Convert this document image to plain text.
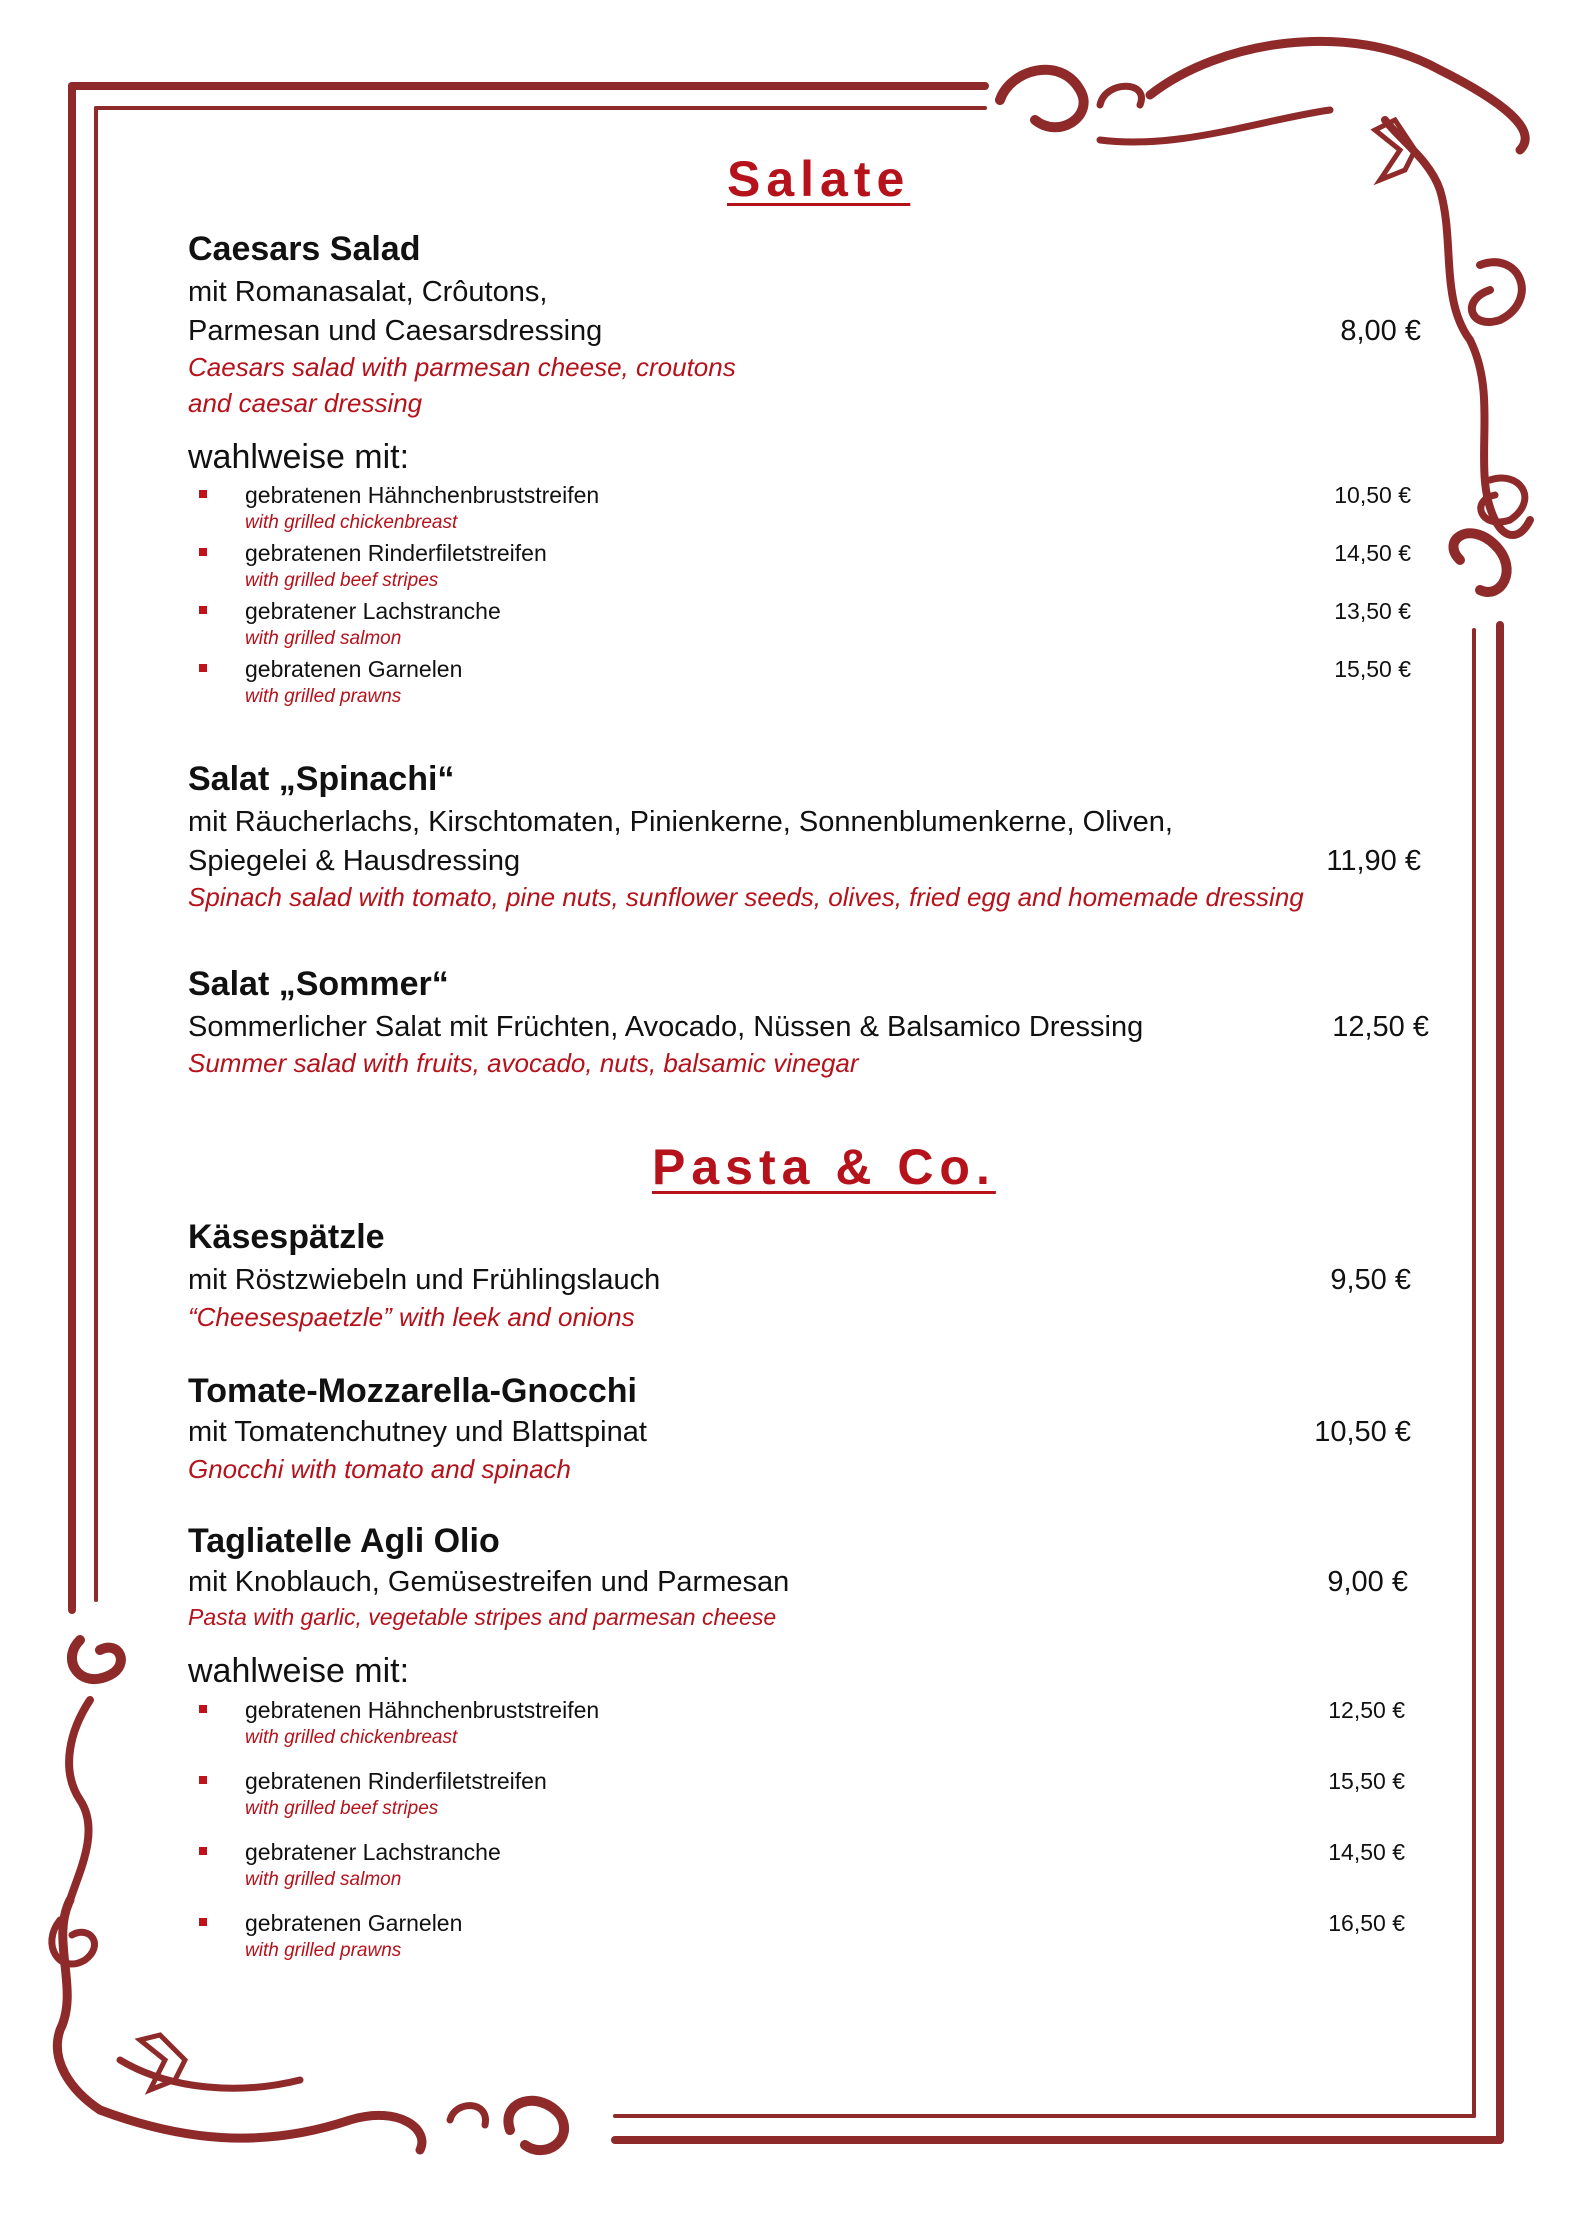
Salate
Caesars Salad
mit Romanasalat, Crôutons,
Parmesan und Caesarsdressing	8,00 €
Caesars salad with parmesan cheese, croutons
and caesar dressing
wahlweise mit:
gebratenen Hähnchenbruststreifen
with grilled chickenbreast
10,50 €
gebratenen Rinderfiletstreifen
with grilled beef stripes
14,50 €
gebratener Lachstranche
with grilled salmon
13,50 €
gebratenen Garnelen
with grilled prawns
15,50 €
Salat „Spinachi“
mit Räucherlachs, Kirschtomaten, Pinienkerne, Sonnenblumenkerne, Oliven,
Spiegelei & Hausdressing	11,90 €
Spinach salad with tomato, pine nuts, sunflower seeds, olives, fried egg and homemade dressing
Salat „Sommer“
Sommerlicher Salat mit Früchten, Avocado, Nüssen & Balsamico Dressing	12,50 €
Summer salad with fruits, avocado, nuts, balsamic vinegar
Pasta & Co.
Käsespätzle
mit Röstzwiebeln und Frühlingslauch	9,50 €
“Cheesespaetzle” with leek and onions
Tomate-Mozzarella-Gnocchi
mit Tomatenchutney und Blattspinat	10,50 €
Gnocchi with tomato and spinach
Tagliatelle Agli Olio
mit Knoblauch, Gemüsestreifen und Parmesan	9,00 €
Pasta with garlic, vegetable stripes and parmesan cheese
wahlweise mit:
gebratenen Hähnchenbruststreifen
with grilled chickenbreast
12,50 €
gebratenen Rinderfiletstreifen
with grilled beef stripes
15,50 €
gebratener Lachstranche
with grilled salmon
14,50 €
gebratenen Garnelen
with grilled prawns
16,50 €
